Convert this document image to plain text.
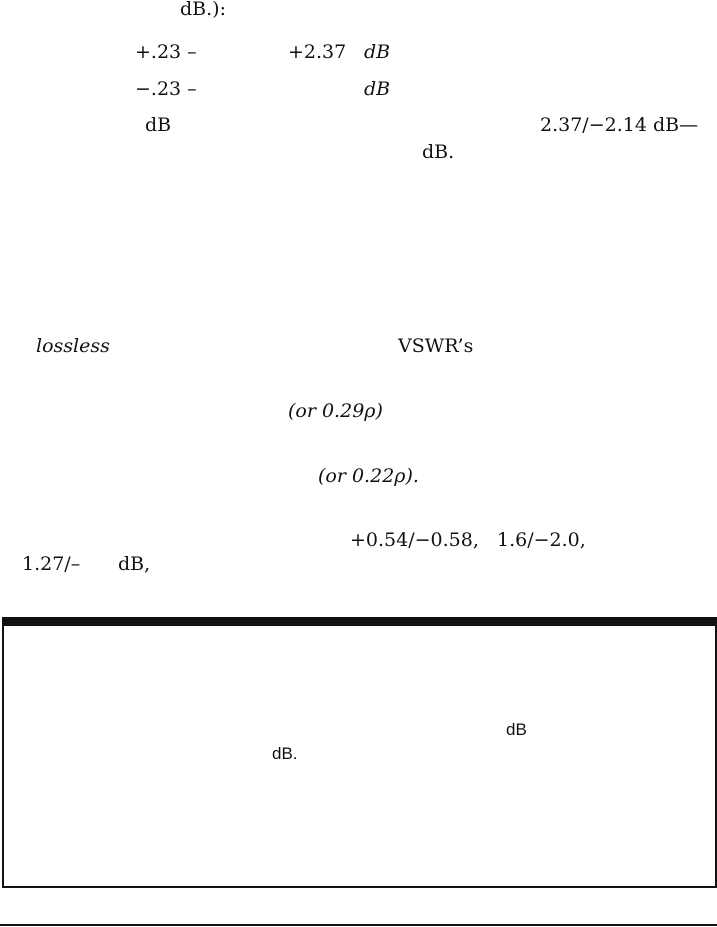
dB.):
+.23 –	+2.37 dB
−.23 –	dB
dB	2.37/−2.14 dB—
dB.
lossless	VSWR’s
(or 0.29ρ)
(or 0.22ρ).
+0.54/−0.58, 1.6/−2.0,
1.27/– dB,
dB
dB.
